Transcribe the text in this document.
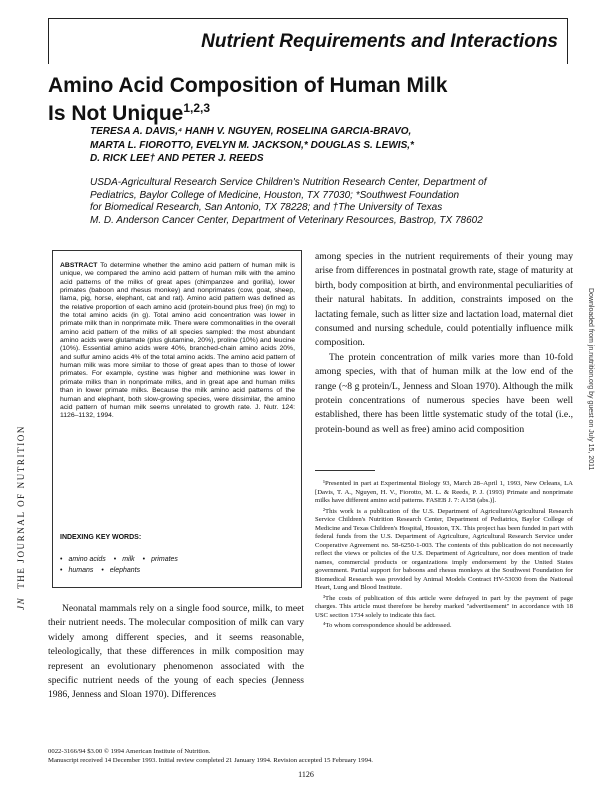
Nutrient Requirements and Interactions
Amino Acid Composition of Human Milk
Is Not Unique$^{1,2,3}$
TERESA A. DAVIS,⁴ HANH V. NGUYEN, ROSELINA GARCIA-BRAVO,
MARTA L. FIOROTTO, EVELYN M. JACKSON,* DOUGLAS S. LEWIS,*
D. RICK LEE† AND PETER J. REEDS
USDA-Agricultural Research Service Children's Nutrition Research Center, Department of
Pediatrics, Baylor College of Medicine, Houston, TX 77030; *Southwest Foundation
for Biomedical Research, San Antonio, TX 78228; and †The University of Texas
M. D. Anderson Cancer Center, Department of Veterinary Resources, Bastrop, TX 78602
ABSTRACT To determine whether the amino acid pattern of human milk is unique, we compared the amino acid pattern of human milk with the amino acid patterns of the milks of great apes (chimpanzee and gorilla), lower primates (baboon and rhesus monkey) and nonprimates (cow, goat, sheep, llama, pig, horse, elephant, cat and rat). Amino acid pattern was defined as the relative proportion of each amino acid (protein-bound plus free) (in mg) to the total amino acids (in g). Total amino acid concentration was lower in primate milk than in nonprimate milk. There were commonalities in the overall amino acid pattern of the milks of all species sampled: the most abundant amino acids were glutamate (plus glutamine, 20%), proline (10%) and leucine (10%). Essential amino acids were 40%, branched-chain amino acids 20%, and sulfur amino acids 4% of the total amino acids. The amino acid pattern of human milk was more similar to those of great apes than to those of lower primates. For example, cystine was higher and methionine was lower in primate milks than in nonprimate milks, and in great ape and human milks than in lower primate milks. Because the milk amino acid patterns of the human and elephant, both slow-growing species, were dissimilar, the amino acid pattern of human milk seems unrelated to growth rate. J. Nutr. 124: 1126–1132, 1994.
INDEXING KEY WORDS:
• amino acids • milk • primates
• humans • elephants
Neonatal mammals rely on a single food source, milk, to meet their nutrient needs. The molecular composition of milk can vary widely among different species, and it seems reasonable, teleologically, that these differences in milk composition may represent an evolutionary phenomenon associated with the specific nutrient needs of the young of each species (Jenness 1986, Jenness and Sloan 1970). Differences

among species in the nutrient requirements of their young may arise from differences in postnatal growth rate, stage of maturity at birth, body composition at birth, and environmental peculiarities of their natural habitats. In addition, constraints imposed on the lactating female, such as litter size and lactation load, maternal diet consumed and nursing schedule, could potentially influence milk composition.

The protein concentration of milk varies more than 10-fold among species, with that of human milk at the low end of the range (~8 g protein/L, Jenness and Sloan 1970). Although the milk protein concentrations of numerous species have been well established, there has been little systematic study of the total (i.e., protein-bound as well as free) amino acid composition

¹Presented in part at Experimental Biology 93, March 28–April 1, 1993, New Orleans, LA [Davis, T. A., Nguyen, H. V., Fiorotto, M. L. & Reeds, P. J. (1993) Primate and nonprimate milks have different amino acid patterns. FASEB J. 7: A158 (abs.)].

²This work is a publication of the U.S. Department of Agriculture/Agricultural Research Service Children's Nutrition Research Center, Department of Pediatrics, Baylor College of Medicine and Texas Children's Hospital, Houston, TX. This project has been funded in part with federal funds from the U.S. Department of Agriculture, Agricultural Research Service under Cooperative Agreement no. 58-6250-1-003. The contents of this publication do not necessarily reflect the views or policies of the U.S. Department of Agriculture, nor does mention of trade names, commercial products or organizations imply endorsement by the United States government. Partial support for baboons and rhesus monkeys at the Southwest Foundation for Biomedical Research was provided by Animal Models Contract HV-53030 from the National Heart, Lung and Blood Institute.

³The costs of publication of this article were defrayed in part by the payment of page charges. This article must therefore be hereby marked "advertisement" in accordance with 18 USC section 1734 solely to indicate this fact.

⁴To whom correspondence should be addressed.

0022-3166/94 $3.00 © 1994 American Institute of Nutrition.
Manuscript received 14 December 1993. Initial review completed 21 January 1994. Revision accepted 15 February 1994.
1126
JNTHE JOURNAL OF NUTRITION
Downloaded from jn.nutrition.org by guest on July 15, 2011
